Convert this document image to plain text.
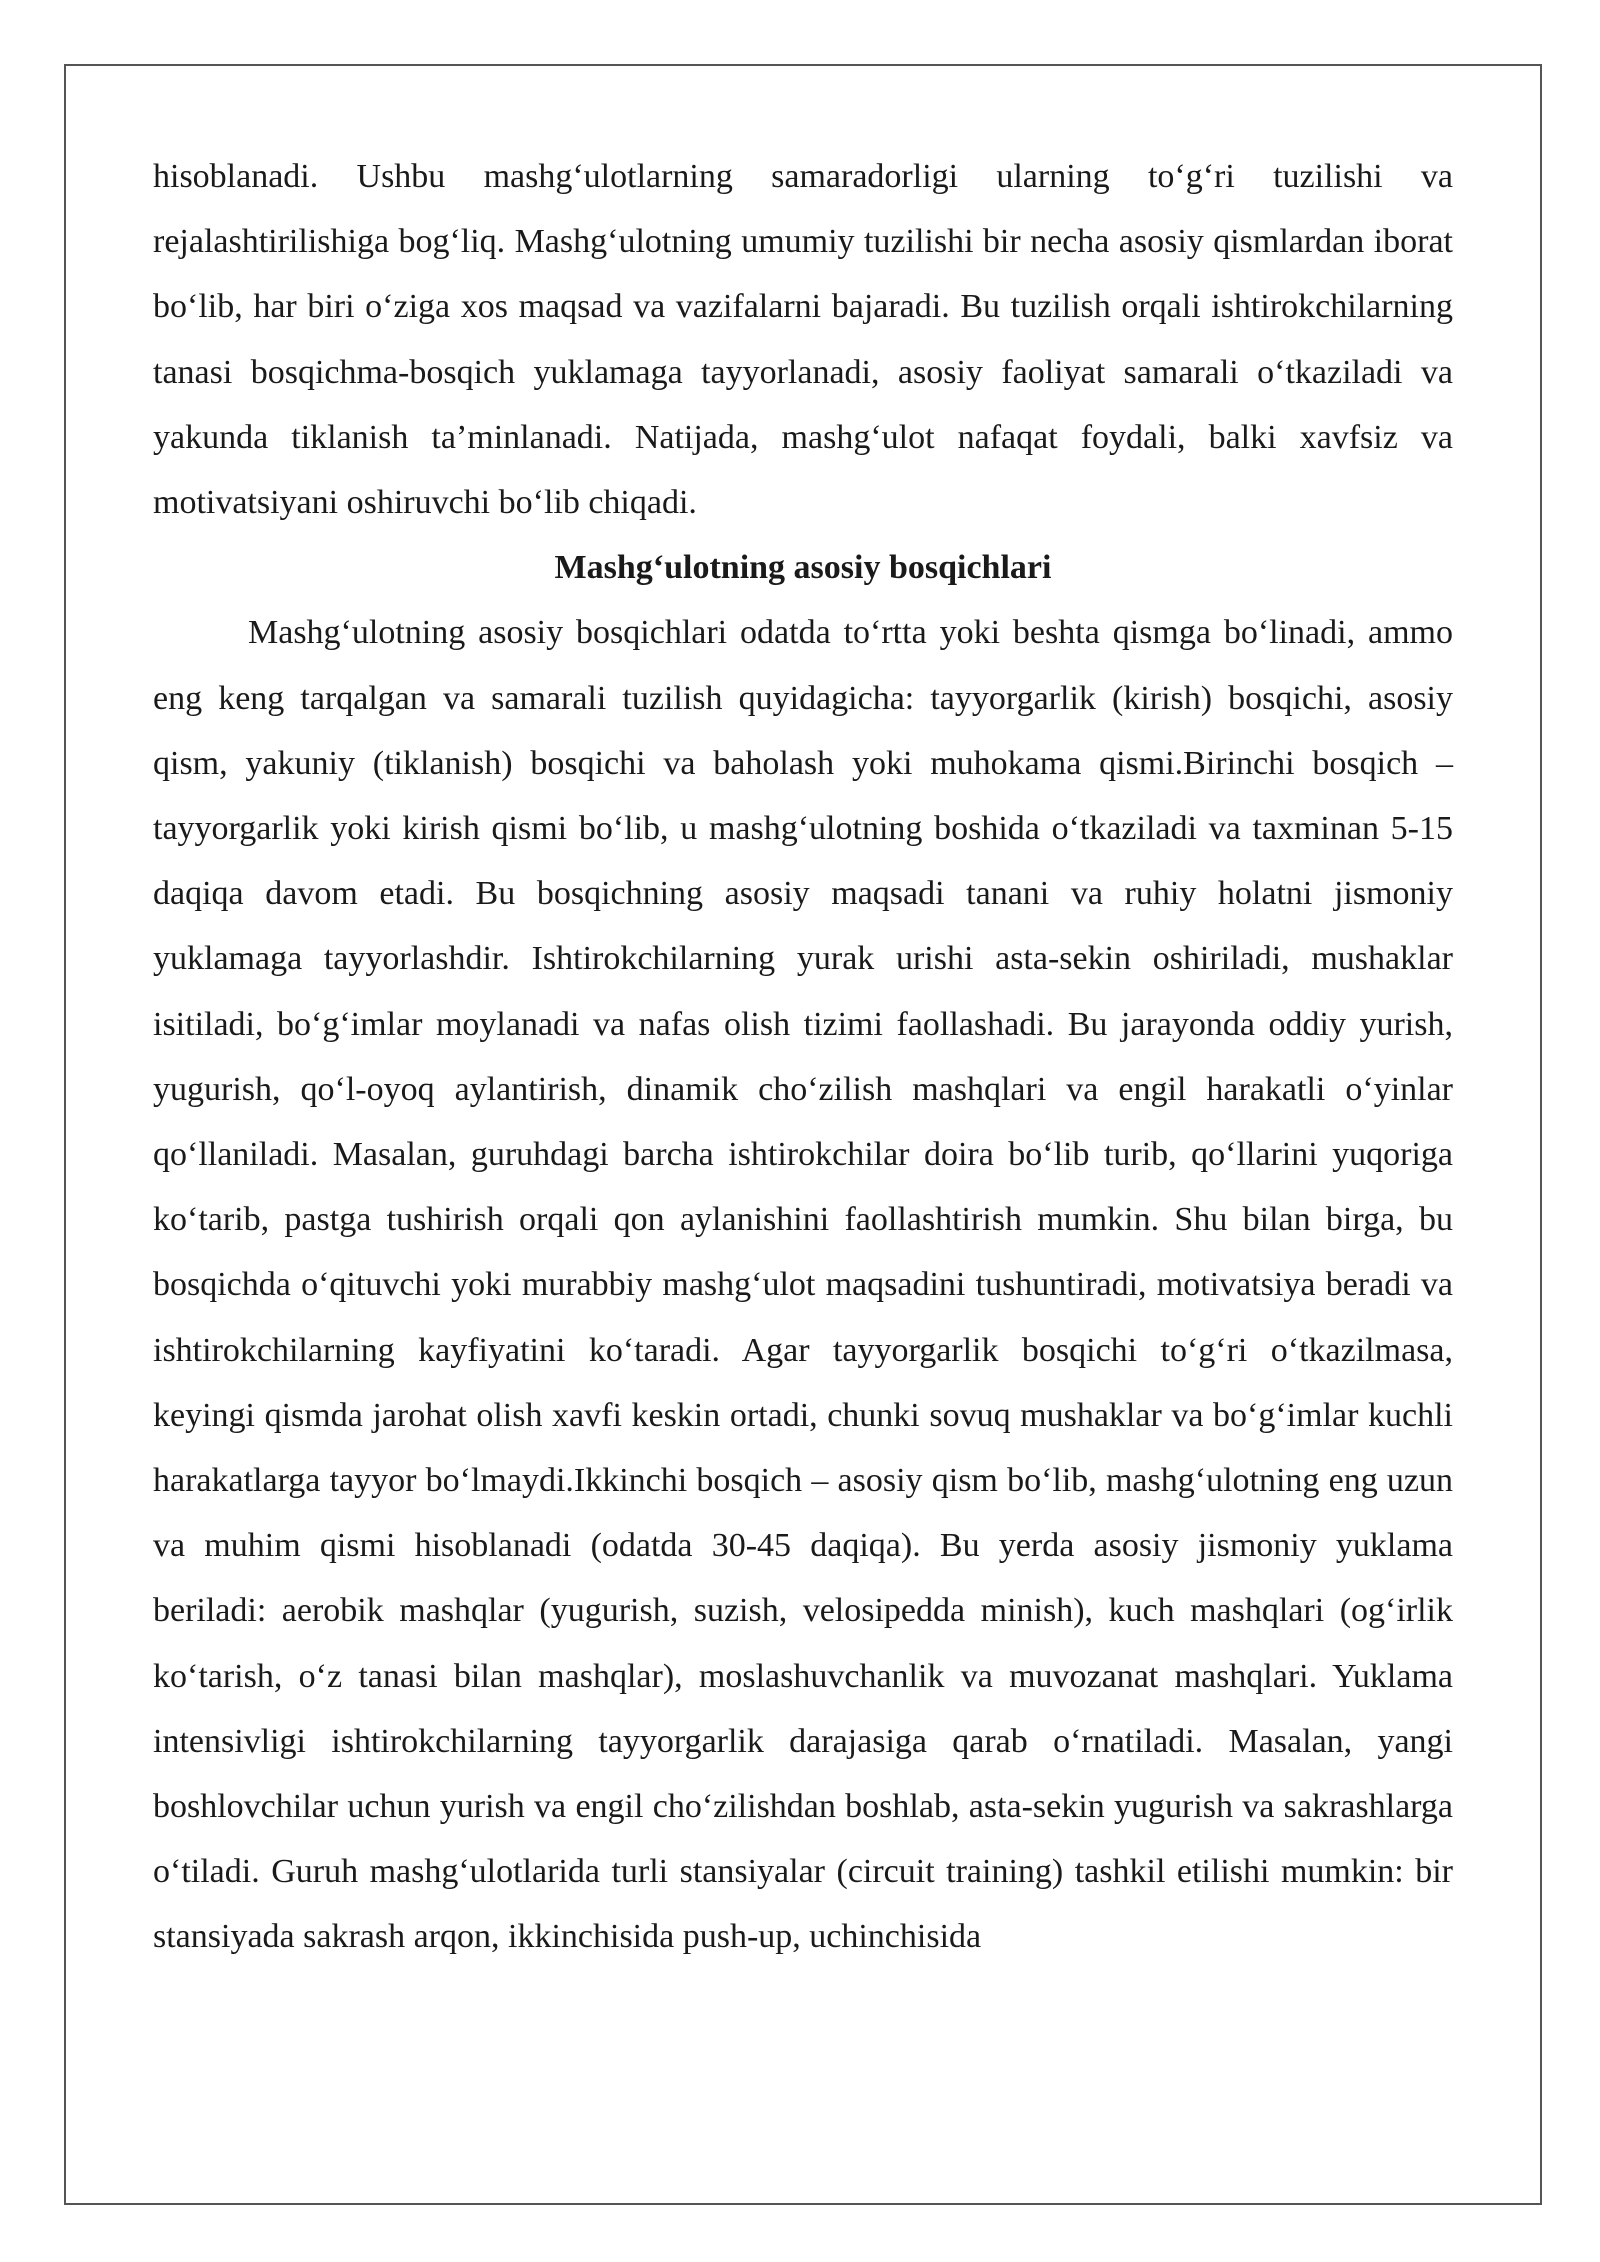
hisoblanadi. Ushbu mashg‘ulotlarning samaradorligi ularning to‘g‘ri tuzilishi va rejalashtirilishiga bog‘liq. Mashg‘ulotning umumiy tuzilishi bir necha asosiy qismlardan iborat bo‘lib, har biri o‘ziga xos maqsad va vazifalarni bajaradi. Bu tuzilish orqali ishtirokchilarning tanasi bosqichma-bosqich yuklamaga tayyorlanadi, asosiy faoliyat samarali o‘tkaziladi va yakunda tiklanish ta’minlanadi. Natijada, mashg‘ulot nafaqat foydali, balki xavfsiz va motivatsiyani oshiruvchi bo‘lib chiqadi.

Mashg‘ulotning asosiy bosqichlari

Mashg‘ulotning asosiy bosqichlari odatda to‘rtta yoki beshta qismga bo‘linadi, ammo eng keng tarqalgan va samarali tuzilish quyidagicha: tayyorgarlik (kirish) bosqichi, asosiy qism, yakuniy (tiklanish) bosqichi va baholash yoki muhokama qismi.Birinchi bosqich – tayyorgarlik yoki kirish qismi bo‘lib, u mashg‘ulotning boshida o‘tkaziladi va taxminan 5-15 daqiqa davom etadi. Bu bosqichning asosiy maqsadi tanani va ruhiy holatni jismoniy yuklamaga tayyorlashdir. Ishtirokchilarning yurak urishi asta-sekin oshiriladi, mushaklar isitiladi, bo‘g‘imlar moylanadi va nafas olish tizimi faollashadi. Bu jarayonda oddiy yurish, yugurish, qo‘l-oyoq aylantirish, dinamik cho‘zilish mashqlari va engil harakatli o‘yinlar qo‘llaniladi. Masalan, guruhdagi barcha ishtirokchilar doira bo‘lib turib, qo‘llarini yuqoriga ko‘tarib, pastga tushirish orqali qon aylanishini faollashtirish mumkin. Shu bilan birga, bu bosqichda o‘qituvchi yoki murabbiy mashg‘ulot maqsadini tushuntiradi, motivatsiya beradi va ishtirokchilarning kayfiyatini ko‘taradi. Agar tayyorgarlik bosqichi to‘g‘ri o‘tkazilmasa, keyingi qismda jarohat olish xavfi keskin ortadi, chunki sovuq mushaklar va bo‘g‘imlar kuchli harakatlarga tayyor bo‘lmaydi.Ikkinchi bosqich – asosiy qism bo‘lib, mashg‘ulotning eng uzun va muhim qismi hisoblanadi (odatda 30-45 daqiqa). Bu yerda asosiy jismoniy yuklama beriladi: aerobik mashqlar (yugurish, suzish, velosipedda minish), kuch mashqlari (og‘irlik ko‘tarish, o‘z tanasi bilan mashqlar), moslashuvchanlik va muvozanat mashqlari. Yuklama intensivligi ishtirokchilarning tayyorgarlik darajasiga qarab o‘rnatiladi. Masalan, yangi boshlovchilar uchun yurish va engil cho‘zilishdan boshlab, asta-sekin yugurish va sakrashlarga o‘tiladi. Guruh mashg‘ulotlarida turli stansiyalar (circuit training) tashkil etilishi mumkin: bir stansiyada sakrash arqon, ikkinchisida push-up, uchinchisida
